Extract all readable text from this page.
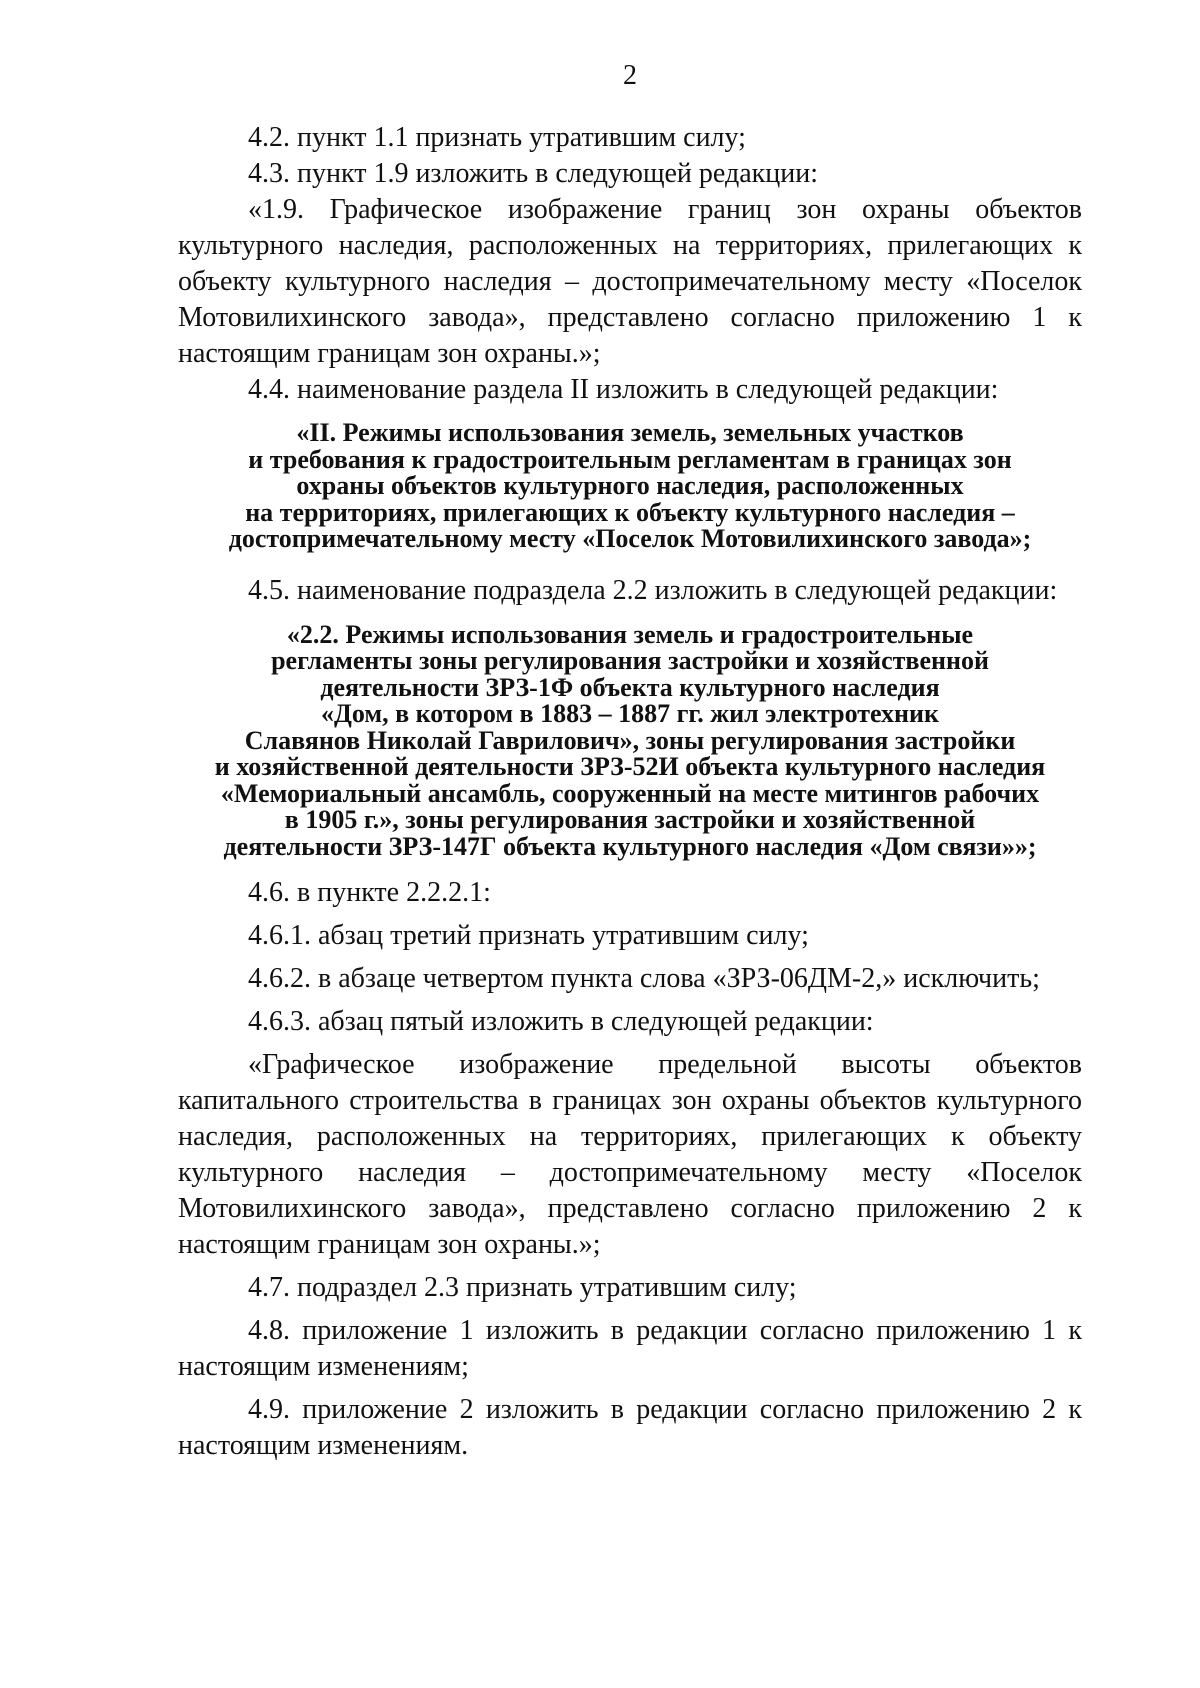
2

4.2. пункт 1.1 признать утратившим силу;

4.3. пункт 1.9 изложить в следующей редакции:

«1.9. Графическое изображение границ зон охраны объектов культурного наследия, расположенных на территориях, прилегающих к объекту культурного наследия – достопримечательному месту «Поселок Мотовилихинского завода», представлено согласно приложению 1 к настоящим границам зон охраны.»;

4.4. наименование раздела II изложить в следующей редакции:

«II. Режимы использования земель, земельных участков
и требования к градостроительным регламентам в границах зон
охраны объектов культурного наследия, расположенных
на территориях, прилегающих к объекту культурного наследия –
достопримечательному месту «Поселок Мотовилихинского завода»;

4.5. наименование подраздела 2.2 изложить в следующей редакции:

«2.2. Режимы использования земель и градостроительные
регламенты зоны регулирования застройки и хозяйственной
деятельности ЗРЗ-1Ф объекта культурного наследия
«Дом, в котором в 1883 – 1887 гг. жил электротехник
Славянов Николай Гаврилович», зоны регулирования застройки
и хозяйственной деятельности ЗРЗ-52И объекта культурного наследия
«Мемориальный ансамбль, сооруженный на месте митингов рабочих
в 1905 г.», зоны регулирования застройки и хозяйственной
деятельности ЗРЗ-147Г объекта культурного наследия «Дом связи»»;

4.6. в пункте 2.2.2.1:

4.6.1. абзац третий признать утратившим силу;

4.6.2. в абзаце четвертом пункта слова «ЗРЗ-06ДМ-2,» исключить;

4.6.3. абзац пятый изложить в следующей редакции:

«Графическое изображение предельной высоты объектов капитального строительства в границах зон охраны объектов культурного наследия, расположенных на территориях, прилегающих к объекту культурного наследия – достопримечательному месту «Поселок Мотовилихинского завода», представлено согласно приложению 2 к настоящим границам зон охраны.»;

4.7. подраздел 2.3 признать утратившим силу;

4.8. приложение 1 изложить в редакции согласно приложению 1 к настоящим изменениям;

4.9. приложение 2 изложить в редакции согласно приложению 2 к настоящим изменениям.
